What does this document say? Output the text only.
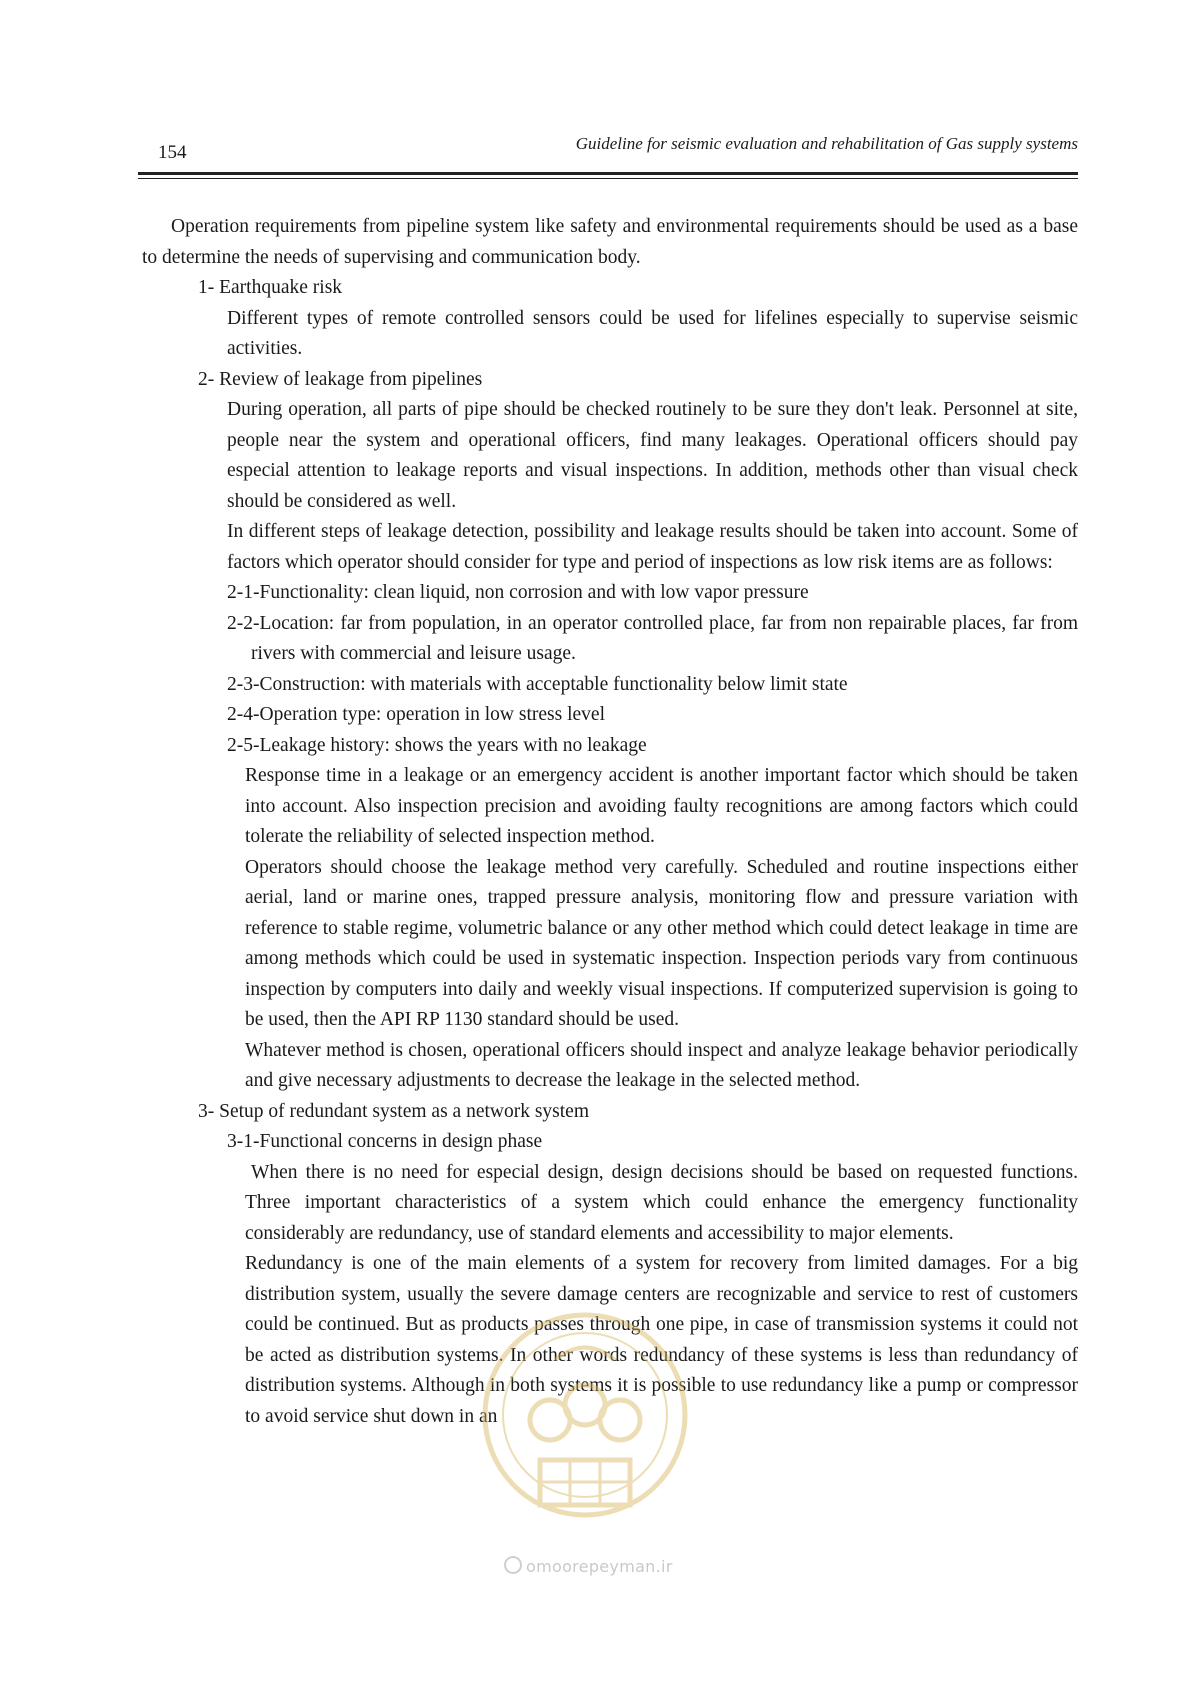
154	Guideline for seismic evaluation and rehabilitation of Gas supply systems

Operation requirements from pipeline system like safety and environmental requirements should be used as a base to determine the needs of supervising and communication body.

1- Earthquake risk

Different types of remote controlled sensors could be used for lifelines especially to supervise seismic activities.

2- Review of leakage from pipelines

During operation, all parts of pipe should be checked routinely to be sure they don't leak. Personnel at site, people near the system and operational officers, find many leakages. Operational officers should pay especial attention to leakage reports and visual inspections. In addition, methods other than visual check should be considered as well.

In different steps of leakage detection, possibility and leakage results should be taken into account. Some of factors which operator should consider for type and period of inspections as low risk items are as follows:

2-1-Functionality: clean liquid, non corrosion and with low vapor pressure

2-2-Location: far from population, in an operator controlled place, far from non repairable places, far from rivers with commercial and leisure usage.

2-3-Construction: with materials with acceptable functionality below limit state

2-4-Operation type: operation in low stress level

2-5-Leakage history: shows the years with no leakage

Response time in a leakage or an emergency accident is another important factor which should be taken into account. Also inspection precision and avoiding faulty recognitions are among factors which could tolerate the reliability of selected inspection method.

Operators should choose the leakage method very carefully. Scheduled and routine inspections either aerial, land or marine ones, trapped pressure analysis, monitoring flow and pressure variation with reference to stable regime, volumetric balance or any other method which could detect leakage in time are among methods which could be used in systematic inspection. Inspection periods vary from continuous inspection by computers into daily and weekly visual inspections. If computerized supervision is going to be used, then the API RP 1130 standard should be used.

Whatever method is chosen, operational officers should inspect and analyze leakage behavior periodically and give necessary adjustments to decrease the leakage in the selected method.

3- Setup of redundant system as a network system

3-1-Functional concerns in design phase

When there is no need for especial design, design decisions should be based on requested functions. Three important characteristics of a system which could enhance the emergency functionality considerably are redundancy, use of standard elements and accessibility to major elements.

Redundancy is one of the main elements of a system for recovery from limited damages. For a big distribution system, usually the severe damage centers are recognizable and service to rest of customers could be continued. But as products passes through one pipe, in case of transmission systems it could not be acted as distribution systems. In other words redundancy of these systems is less than redundancy of distribution systems. Although in both systems it is possible to use redundancy like a pump or compressor to avoid service shut down in an

omoorepeyman.ir
